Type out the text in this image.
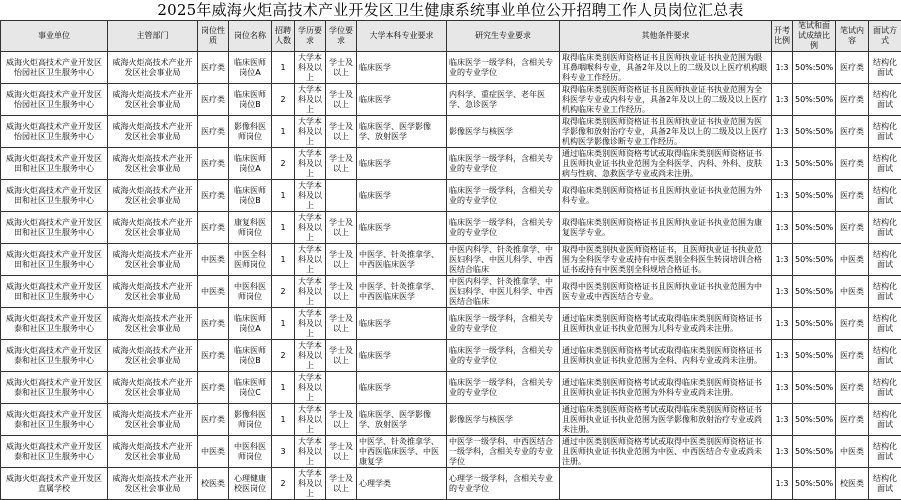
2025年威海火炬高技术产业开发区卫生健康系统事业单位公开招聘工作人员岗位汇总表
事业单位	主管部门	岗位性质	岗位名称	招聘人数	学历要求	学位要求	大学本科专业要求	研究生专业要求	其他条件要求	开考比例	笔试和面试成绩比例	笔试内容	面试方式

威海火炬高技术产业开发区怡园社区卫生服务中心	威海火炬高技术产业开发区社会事业局	医疗类	临床医师岗位A	1	大学本科及以上	学士及以上	临床医学	临床医学一级学科，含相关专业的专业学位	取得临床类别医师资格证书且医师执业证书执业范围为眼耳鼻咽喉科专业，具备2年及以上的二级及以上医疗机构眼科专业工作经历。	1:3	50%:50%	医疗类	结构化面试

威海火炬高技术产业开发区怡园社区卫生服务中心	威海火炬高技术产业开发区社会事业局	医疗类	临床医师岗位B	2	大学本科及以上	学士及以上	临床医学	内科学、重症医学、老年医学、急诊医学	取得临床类别医师资格证书且医师执业证书执业范围为全科医学专业或内科专业，具备2年及以上的二级及以上医疗机构临床专业工作经历。	1:3	50%:50%	医疗类	结构化面试

威海火炬高技术产业开发区怡园社区卫生服务中心	威海火炬高技术产业开发区社会事业局	医疗类	影像科医师岗位	1	大学本科及以上	学士及以上	临床医学、医学影像学、放射医学	影像医学与核医学	取得临床类别医师资格证书且医师执业证书执业范围为医学影像和放射治疗专业，具备2年及以上的二级及以上医疗机构医学影像诊断专业工作经历。	1:3	50%:50%	医疗类	结构化面试

威海火炬高技术产业开发区田和社区卫生服务中心	威海火炬高技术产业开发区社会事业局	医疗类	临床医师岗位A	2	大学本科及以上	学士及以上	临床医学	临床医学一级学科，含相关专业的专业学位	通过临床类别医师资格考试或取得临床类别医师资格证书且医师执业证书执业范围为全科医学、内科、外科、皮肤病与性病、急救医学专业或尚未注册。	1:3	50%:50%	医疗类	结构化面试

威海火炬高技术产业开发区田和社区卫生服务中心	威海火炬高技术产业开发区社会事业局	医疗类	临床医师岗位B	1	大学本科及以上		临床医学	临床医学一级学科，含相关专业的专业学位	取得临床类别医师资格证书且医师执业证书执业范围为外科专业。	1:3	50%:50%	医疗类	结构化面试

威海火炬高技术产业开发区田和社区卫生服务中心	威海火炬高技术产业开发区社会事业局	医疗类	康复科医师岗位	1	大学本科及以上	学士及以上	临床医学	临床医学一级学科，含相关专业的专业学位	取得临床类别医师资格证书且医师执业证书执业范围为康复医学专业。	1:3	50%:50%	医疗类	结构化面试

威海火炬高技术产业开发区田和社区卫生服务中心	威海火炬高技术产业开发区社会事业局	中医类	中医全科医师岗位	1	大学本科及以上	学士及以上	中医学、针灸推拿学、中西医临床医学	中医内科学、针灸推拿学、中医妇科学、中医儿科学、中西医结合临床	取得中医类别执业医师资格证书，且医师执业证书执业范围为全科医学专业或持有中医类别全科医生转岗培训合格证书或持有中医类别全科规培合格证书。	1:3	50%:50%	中医类	结构化面试

威海火炬高技术产业开发区田和社区卫生服务中心	威海火炬高技术产业开发区社会事业局	中医类	中医科医师岗位	2	大学本科及以上	学士及以上	中医学、针灸推拿学、中西医临床医学	中医内科学、针灸推拿学、中医妇科学、中医儿科学、中西医结合临床	取得中医类别医师资格证书且医师执业证书执业范围为中医专业或中西医结合专业。	1:3	50%:50%	中医类	结构化面试

威海火炬高技术产业开发区泰和社区卫生服务中心	威海火炬高技术产业开发区社会事业局	医疗类	临床医师岗位A	1	大学本科及以上	学士及以上	临床医学	临床医学一级学科，含相关专业的专业学位	通过临床类别医师资格考试或取得临床类别医师资格证书且医师执业证书执业范围为儿科专业或尚未注册。	1:3	50%:50%	医疗类	结构化面试

威海火炬高技术产业开发区泰和社区卫生服务中心	威海火炬高技术产业开发区社会事业局	医疗类	临床医师岗位B	2	大学本科及以上	学士及以上	临床医学	临床医学一级学科，含相关专业的专业学位	通过临床类别医师资格考试或取得临床类别医师资格证书且医师执业证书执业范围为全科、内科专业或尚未注册。	1:3	50%:50%	医疗类	结构化面试

威海火炬高技术产业开发区泰和社区卫生服务中心	威海火炬高技术产业开发区社会事业局	医疗类	临床医师岗位C	1	大学本科及以上		临床医学	临床医学一级学科，含相关专业的专业学位	通过临床类别医师资格考试或取得临床类别医师资格证书且医师执业证书执业范围为外科专业或尚未注册。	1:3	50%:50%	医疗类	结构化面试

威海火炬高技术产业开发区泰和社区卫生服务中心	威海火炬高技术产业开发区社会事业局	医疗类	影像科医师岗位	1	大学本科及以上	学士及以上	临床医学、医学影像学、放射医学	影像医学与核医学	通过临床类别医师资格考试或取得临床类别医师资格证书且医师执业证书执业范围为医学影像和放射治疗专业或尚未注册。	1:3	50%:50%	医疗类	结构化面试

威海火炬高技术产业开发区泰和社区卫生服务中心	威海火炬高技术产业开发区社会事业局	中医类	中医科医师岗位	3	大学本科及以上	学士及以上	中医学、针灸推拿学、中西医临床医学、中医康复学	中医学一级学科、中西医结合一级学科，含相关专业的专业学位	通过中医类别医师资格考试或取得中医类别医师资格证书且医师执业证书执业范围为中医、中西医结合专业或尚未注册。	1:3	50%:50%	中医类	结构化面试

威海火炬高技术产业开发区直属学校	威海火炬高技术产业开发区社会事业局	校医类	心理健康校医岗位	2	大学本科及以上	学士及以上	心理学类	心理学一级学科，含相关专业的专业学位		1:3	50%:50%	校医类	结构化面试
